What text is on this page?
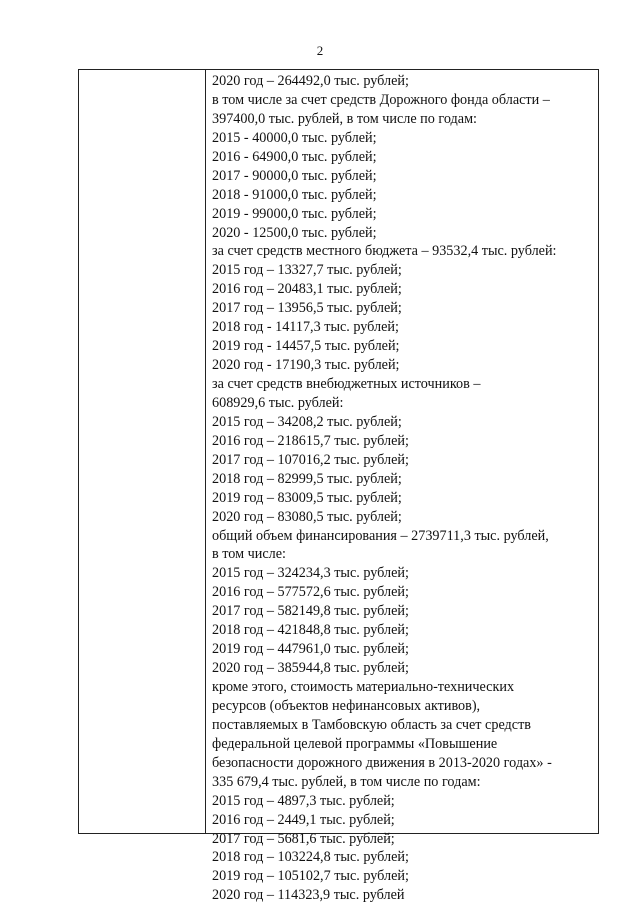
2
2020 год – 264492,0 тыс. рублей;
в том числе за счет средств Дорожного фонда области –
397400,0 тыс. рублей, в том числе по годам:
2015 - 40000,0 тыс. рублей;
2016 - 64900,0 тыс. рублей;
2017 - 90000,0 тыс. рублей;
2018 - 91000,0 тыс. рублей;
2019 - 99000,0 тыс. рублей;
2020 - 12500,0 тыс. рублей;
за счет средств местного бюджета – 93532,4 тыс. рублей:
2015 год – 13327,7 тыс. рублей;
2016 год – 20483,1 тыс. рублей;
2017 год – 13956,5 тыс. рублей;
2018 год - 14117,3 тыс. рублей;
2019 год - 14457,5 тыс. рублей;
2020 год - 17190,3 тыс. рублей;
за счет средств внебюджетных источников –
608929,6 тыс. рублей:
2015 год – 34208,2 тыс. рублей;
2016 год – 218615,7 тыс. рублей;
2017 год – 107016,2 тыс. рублей;
2018 год – 82999,5 тыс. рублей;
2019 год – 83009,5 тыс. рублей;
2020 год – 83080,5 тыс. рублей;
общий объем финансирования – 2739711,3 тыс. рублей,
в том числе:
2015 год – 324234,3 тыс. рублей;
2016 год – 577572,6 тыс. рублей;
2017 год – 582149,8 тыс. рублей;
2018 год – 421848,8 тыс. рублей;
2019 год – 447961,0 тыс. рублей;
2020 год – 385944,8 тыс. рублей;
кроме этого, стоимость материально-технических
ресурсов (объектов нефинансовых активов),
поставляемых в Тамбовскую область за счет средств
федеральной целевой программы «Повышение
безопасности дорожного движения в 2013-2020 годах» -
335 679,4 тыс. рублей, в том числе по годам:
2015 год – 4897,3 тыс. рублей;
2016 год – 2449,1 тыс. рублей;
2017 год – 5681,6 тыс. рублей;
2018 год – 103224,8 тыс. рублей;
2019 год – 105102,7 тыс. рублей;
2020 год – 114323,9 тыс. рублей
